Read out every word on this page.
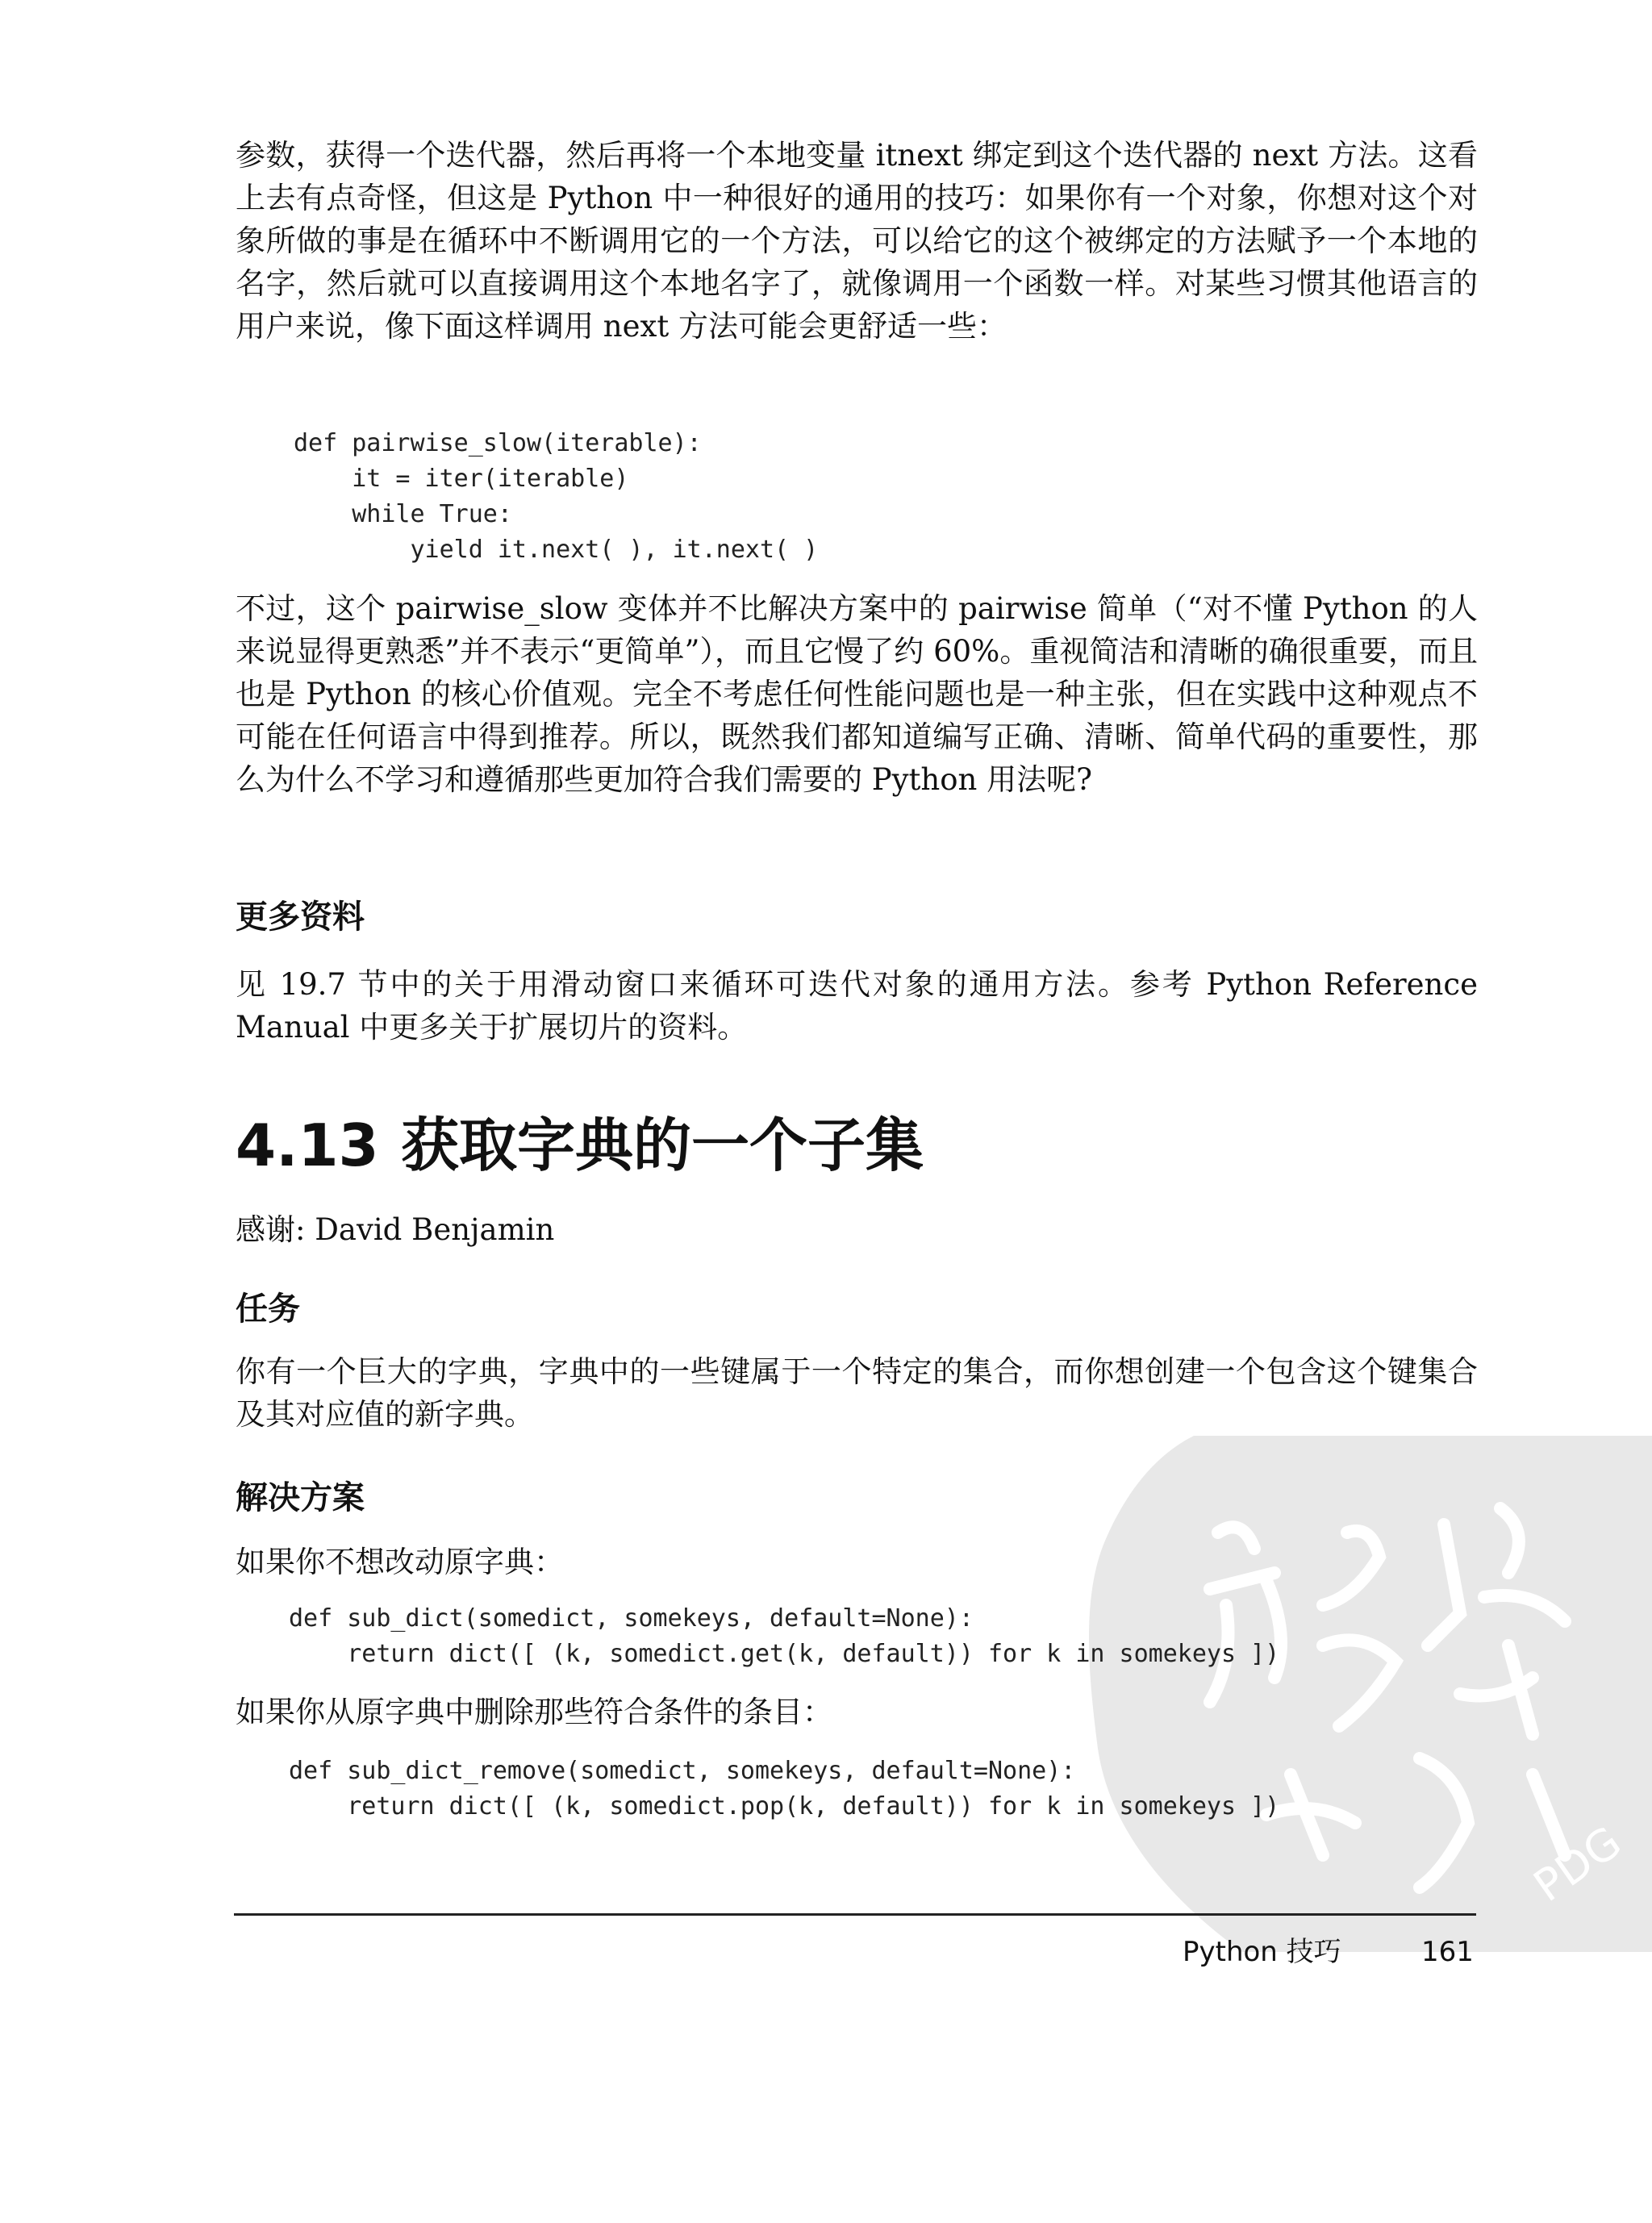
PDG

参数，获得一个迭代器，然后再将一个本地变量 itnext 绑定到这个迭代器的 next 方法。这看上去有点奇怪，但这是 Python 中一种很好的通用的技巧：如果你有一个对象，你想对这个对象所做的事是在循环中不断调用它的一个方法，可以给它的这个被绑定的方法赋予一个本地的名字，然后就可以直接调用这个本地名字了，就像调用一个函数一样。对某些习惯其他语言的用户来说，像下面这样调用 next 方法可能会更舒适一些：

def pairwise_slow(iterable):
it = iter(iterable)
while True:
yield it.next( ), it.next( )

不过，这个 pairwise_slow 变体并不比解决方案中的 pairwise 简单（“对不懂 Python 的人来说显得更熟悉”并不表示“更简单”），而且它慢了约 60%。重视简洁和清晰的确很重要，而且也是 Python 的核心价值观。完全不考虑任何性能问题也是一种主张，但在实践中这种观点不可能在任何语言中得到推荐。所以，既然我们都知道编写正确、清晰、简单代码的重要性，那么为什么不学习和遵循那些更加符合我们需要的 Python 用法呢?

更多资料

见 19.7 节中的关于用滑动窗口来循环可迭代对象的通用方法。参考 Python Reference Manual 中更多关于扩展切片的资料。

4.13 获取字典的一个子集

感谢: David Benjamin

任务

你有一个巨大的字典，字典中的一些键属于一个特定的集合，而你想创建一个包含这个键集合及其对应值的新字典。

解决方案

如果你不想改动原字典：

def sub_dict(somedict, somekeys, default=None):
return dict([ (k, somedict.get(k, default)) for k in somekeys ])

如果你从原字典中删除那些符合条件的条目：

def sub_dict_remove(somedict, somekeys, default=None):
return dict([ (k, somedict.pop(k, default)) for k in somekeys ])

Python 技巧	161
